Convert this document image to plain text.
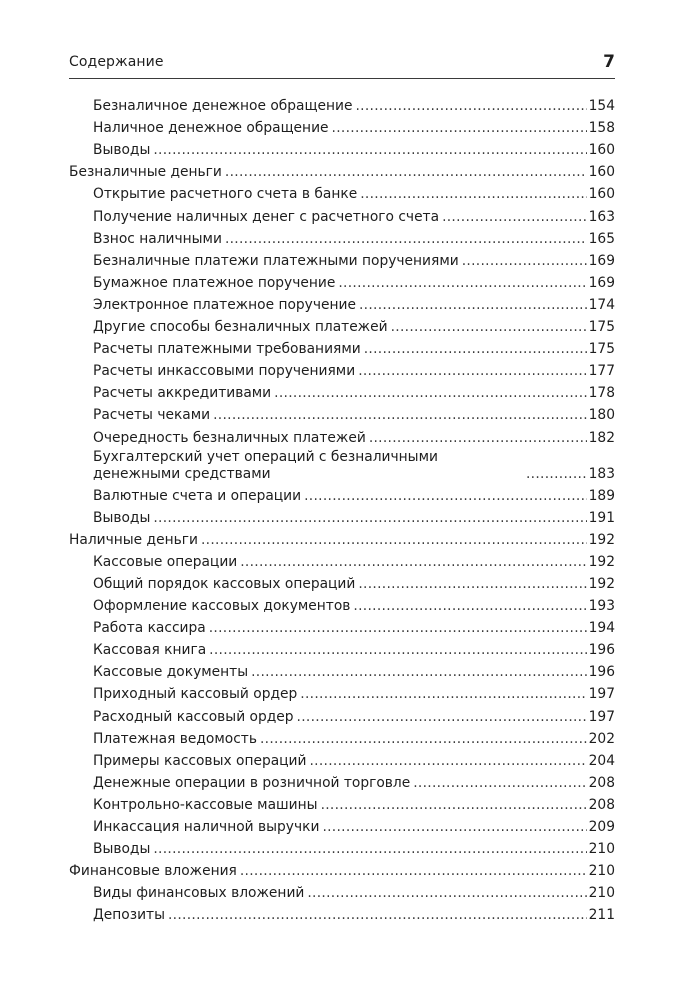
Содержание	7
Безналичное денежное обращение .....	154
Наличное денежное обращение .....	158
Выводы .....	160
Безналичные деньги .....	160
Открытие расчетного счета в банке .....	160
Получение наличных денег с расчетного счета .....	163
Взнос наличными .....	165
Безналичные платежи платежными поручениями .....	169
Бумажное платежное поручение .....	169
Электронное платежное поручение .....	174
Другие способы безналичных платежей .....	175
Расчеты платежными требованиями .....	175
Расчеты инкассовыми поручениями .....	177
Расчеты аккредитивами .....	178
Расчеты чеками .....	180
Очередность безналичных платежей .....	182
Бухгалтерский учет операций с безналичными денежными средствами .....	183
Валютные счета и операции .....	189
Выводы .....	191
Наличные деньги .....	192
Кассовые операции .....	192
Общий порядок кассовых операций .....	192
Оформление кассовых документов .....	193
Работа кассира .....	194
Кассовая книга .....	196
Кассовые документы .....	196
Приходный кассовый ордер .....	197
Расходный кассовый ордер .....	197
Платежная ведомость .....	202
Примеры кассовых операций .....	204
Денежные операции в розничной торговле .....	208
Контрольно-кассовые машины .....	208
Инкассация наличной выручки .....	209
Выводы .....	210
Финансовые вложения .....	210
Виды финансовых вложений .....	210
Депозиты .....	211
